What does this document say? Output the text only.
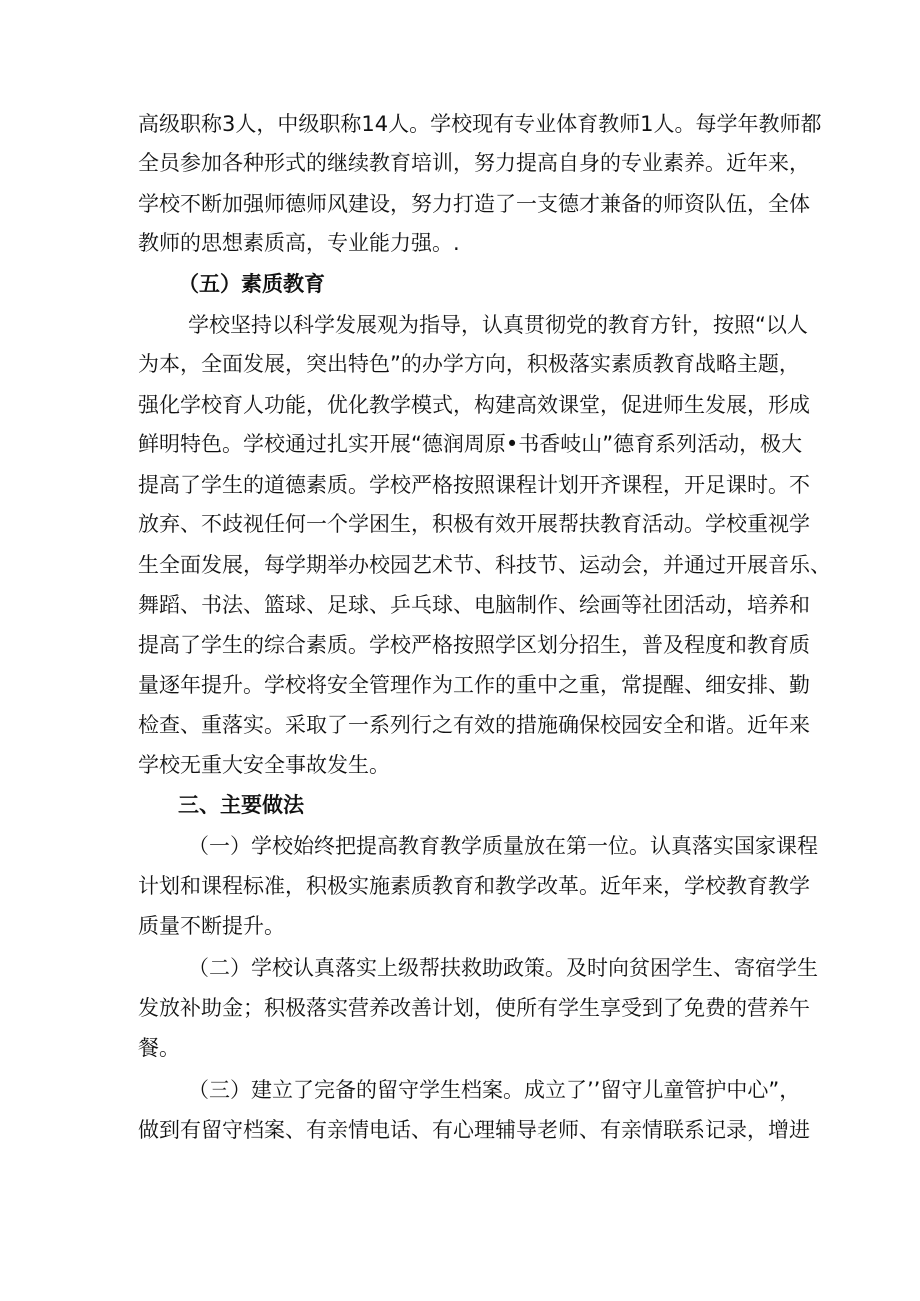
高级职称3人，中级职称14人。学校现有专业体育教师1人。每学年教师都
全员参加各种形式的继续教育培训，努力提高自身的专业素养。近年来，
学校不断加强师德师风建设，努力打造了一支德才兼备的师资队伍，全体
教师的思想素质高，专业能力强。.
（五）素质教育
学校坚持以科学发展观为指导，认真贯彻党的教育方针，按照“以人
为本，全面发展，突出特色”的办学方向，积极落实素质教育战略主题，
强化学校育人功能，优化教学模式，构建高效课堂，促进师生发展，形成
鲜明特色。学校通过扎实开展“德润周原•书香岐山”德育系列活动，极大
提高了学生的道德素质。学校严格按照课程计划开齐课程，开足课时。不
放弃、不歧视任何一个学困生，积极有效开展帮扶教育活动。学校重视学
生全面发展，每学期举办校园艺术节、科技节、运动会，并通过开展音乐、
舞蹈、书法、篮球、足球、乒乓球、电脑制作、绘画等社团活动，培养和
提高了学生的综合素质。学校严格按照学区划分招生，普及程度和教育质
量逐年提升。学校将安全管理作为工作的重中之重，常提醒、细安排、勤
检查、重落实。采取了一系列行之有效的措施确保校园安全和谐。近年来
学校无重大安全事故发生。
三、主要做法
（一）学校始终把提高教育教学质量放在第一位。认真落实国家课程
计划和课程标准，积极实施素质教育和教学改革。近年来，学校教育教学
质量不断提升。
（二）学校认真落实上级帮扶救助政策。及时向贫困学生、寄宿学生
发放补助金；积极落实营养改善计划，使所有学生享受到了免费的营养午
餐。
（三）建立了完备的留守学生档案。成立了’’留守儿童管护中心”，
做到有留守档案、有亲情电话、有心理辅导老师、有亲情联系记录，增进
